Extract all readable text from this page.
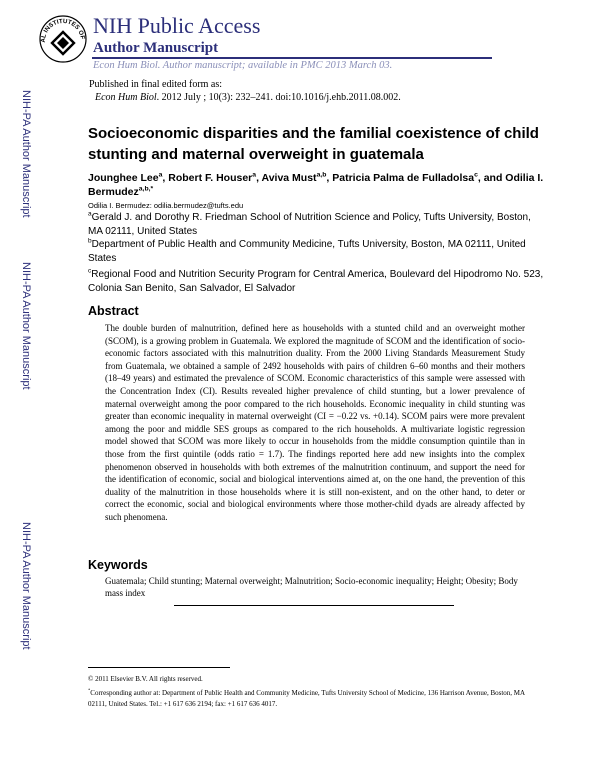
AL INSTITUTES OF NIH Public Access
Author Manuscript
Econ Hum Biol. Author manuscript; available in PMC 2013 March 03.
Published in final edited form as:
Econ Hum Biol. 2012 July ; 10(3): 232–241. doi:10.1016/j.ehb.2011.08.002.
NIH-PA Author Manuscript
NIH-PA Author Manuscript
NIH-PA Author Manuscript
Socioeconomic disparities and the familial coexistence of child stunting and maternal overweight in guatemala
Jounghee Lee$^a$, Robert F. Houser$^a$, Aviva Must$^{a,b}$, Patricia Palma de Fulladolsa$^c$, and Odilia I. Bermudez$^{a,b,*}$
Odilia I. Bermudez: odilia.bermudez@tufts.edu
$^a$Gerald J. and Dorothy R. Friedman School of Nutrition Science and Policy, Tufts University, Boston, MA 02111, United States
$^b$Department of Public Health and Community Medicine, Tufts University, Boston, MA 02111, United States
$^c$Regional Food and Nutrition Security Program for Central America, Boulevard del Hipodromo No. 523, Colonia San Benito, San Salvador, El Salvador
Abstract
The double burden of malnutrition, defined here as households with a stunted child and an overweight mother (SCOM), is a growing problem in Guatemala. We explored the magnitude of SCOM and the identification of socio-economic factors associated with this malnutrition duality. From the 2000 Living Standards Measurement Study from Guatemala, we obtained a sample of 2492 households with pairs of children 6–60 months and their mothers (18–49 years) and estimated the prevalence of SCOM. Economic characteristics of this sample were assessed with the Concentration Index (CI). Results revealed higher prevalence of child stunting, but a lower prevalence of maternal overweight among the poor compared to the rich households. Economic inequality in child stunting was greater than economic inequality in maternal overweight (CI = −0.22 vs. +0.14). SCOM pairs were more prevalent among the poor and middle SES groups as compared to the rich households. A multivariate logistic regression model showed that SCOM was more likely to occur in households from the middle consumption quintile than in those from the first quintile (odds ratio = 1.7). The findings reported here add new insights into the complex phenomenon observed in households with both extremes of the malnutrition continuum, and support the need for the identification of economic, social and biological interventions aimed at, on the one hand, the prevention of this duality of the malnutrition in those households where it is still non-existent, and on the other hand, to deter or correct the economic, social and biological environments where those mother-child dyads are already affected by such phenomena.
Keywords
Guatemala; Child stunting; Maternal overweight; Malnutrition; Socio-economic inequality; Height; Obesity; Body mass index
© 2011 Elsevier B.V. All rights reserved.
*Corresponding author at: Department of Public Health and Community Medicine, Tufts University School of Medicine, 136 Harrison Avenue, Boston, MA 02111, United States. Tel.: +1 617 636 2194; fax: +1 617 636 4017.
